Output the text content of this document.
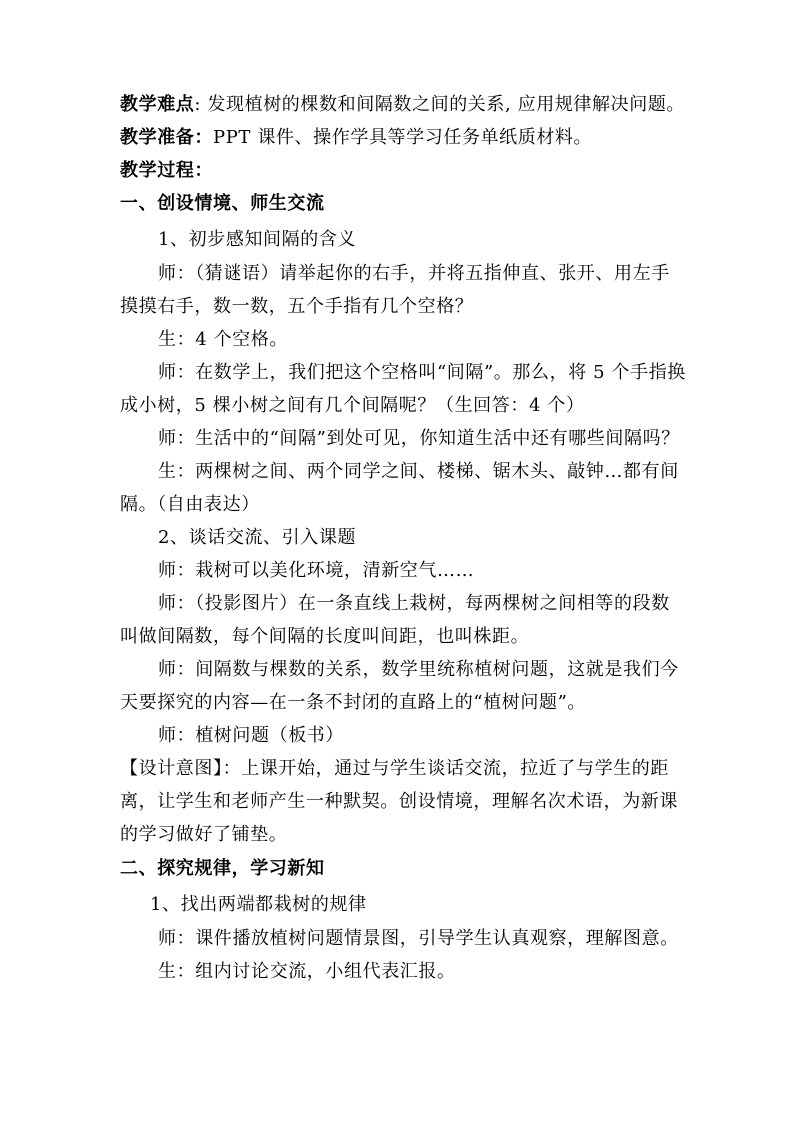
教学难点: 发现植树的棵数和间隔数之间的关系, 应用规律解决问题。
教学准备：PPT 课件、操作学具等学习任务单纸质材料。
教学过程：
一、创设情境、师生交流
1、初步感知间隔的含义
师：（猜谜语）请举起你的右手，并将五指伸直、张开、用左手
摸摸右手，数一数，五个手指有几个空格？
生：4 个空格。
师：在数学上，我们把这个空格叫“间隔”。那么，将 5 个手指换
成小树，5 棵小树之间有几个间隔呢？（生回答：4 个）
师：生活中的“间隔”到处可见，你知道生活中还有哪些间隔吗？
生：两棵树之间、两个同学之间、楼梯、锯木头、敲钟…都有间
隔。（自由表达）
2、谈话交流、引入课题
师：栽树可以美化环境，清新空气……
师：（投影图片）在一条直线上栽树，每两棵树之间相等的段数
叫做间隔数，每个间隔的长度叫间距，也叫株距。
师：间隔数与棵数的关系，数学里统称植树问题，这就是我们今
天要探究的内容—在一条不封闭的直路上的“植树问题”。
师：植树问题（板书）
【设计意图】：上课开始，通过与学生谈话交流，拉近了与学生的距
离，让学生和老师产生一种默契。创设情境，理解名次术语，为新课
的学习做好了铺垫。
二、探究规律，学习新知
1、找出两端都栽树的规律
师：课件播放植树问题情景图，引导学生认真观察，理解图意。
生：组内讨论交流，小组代表汇报。
